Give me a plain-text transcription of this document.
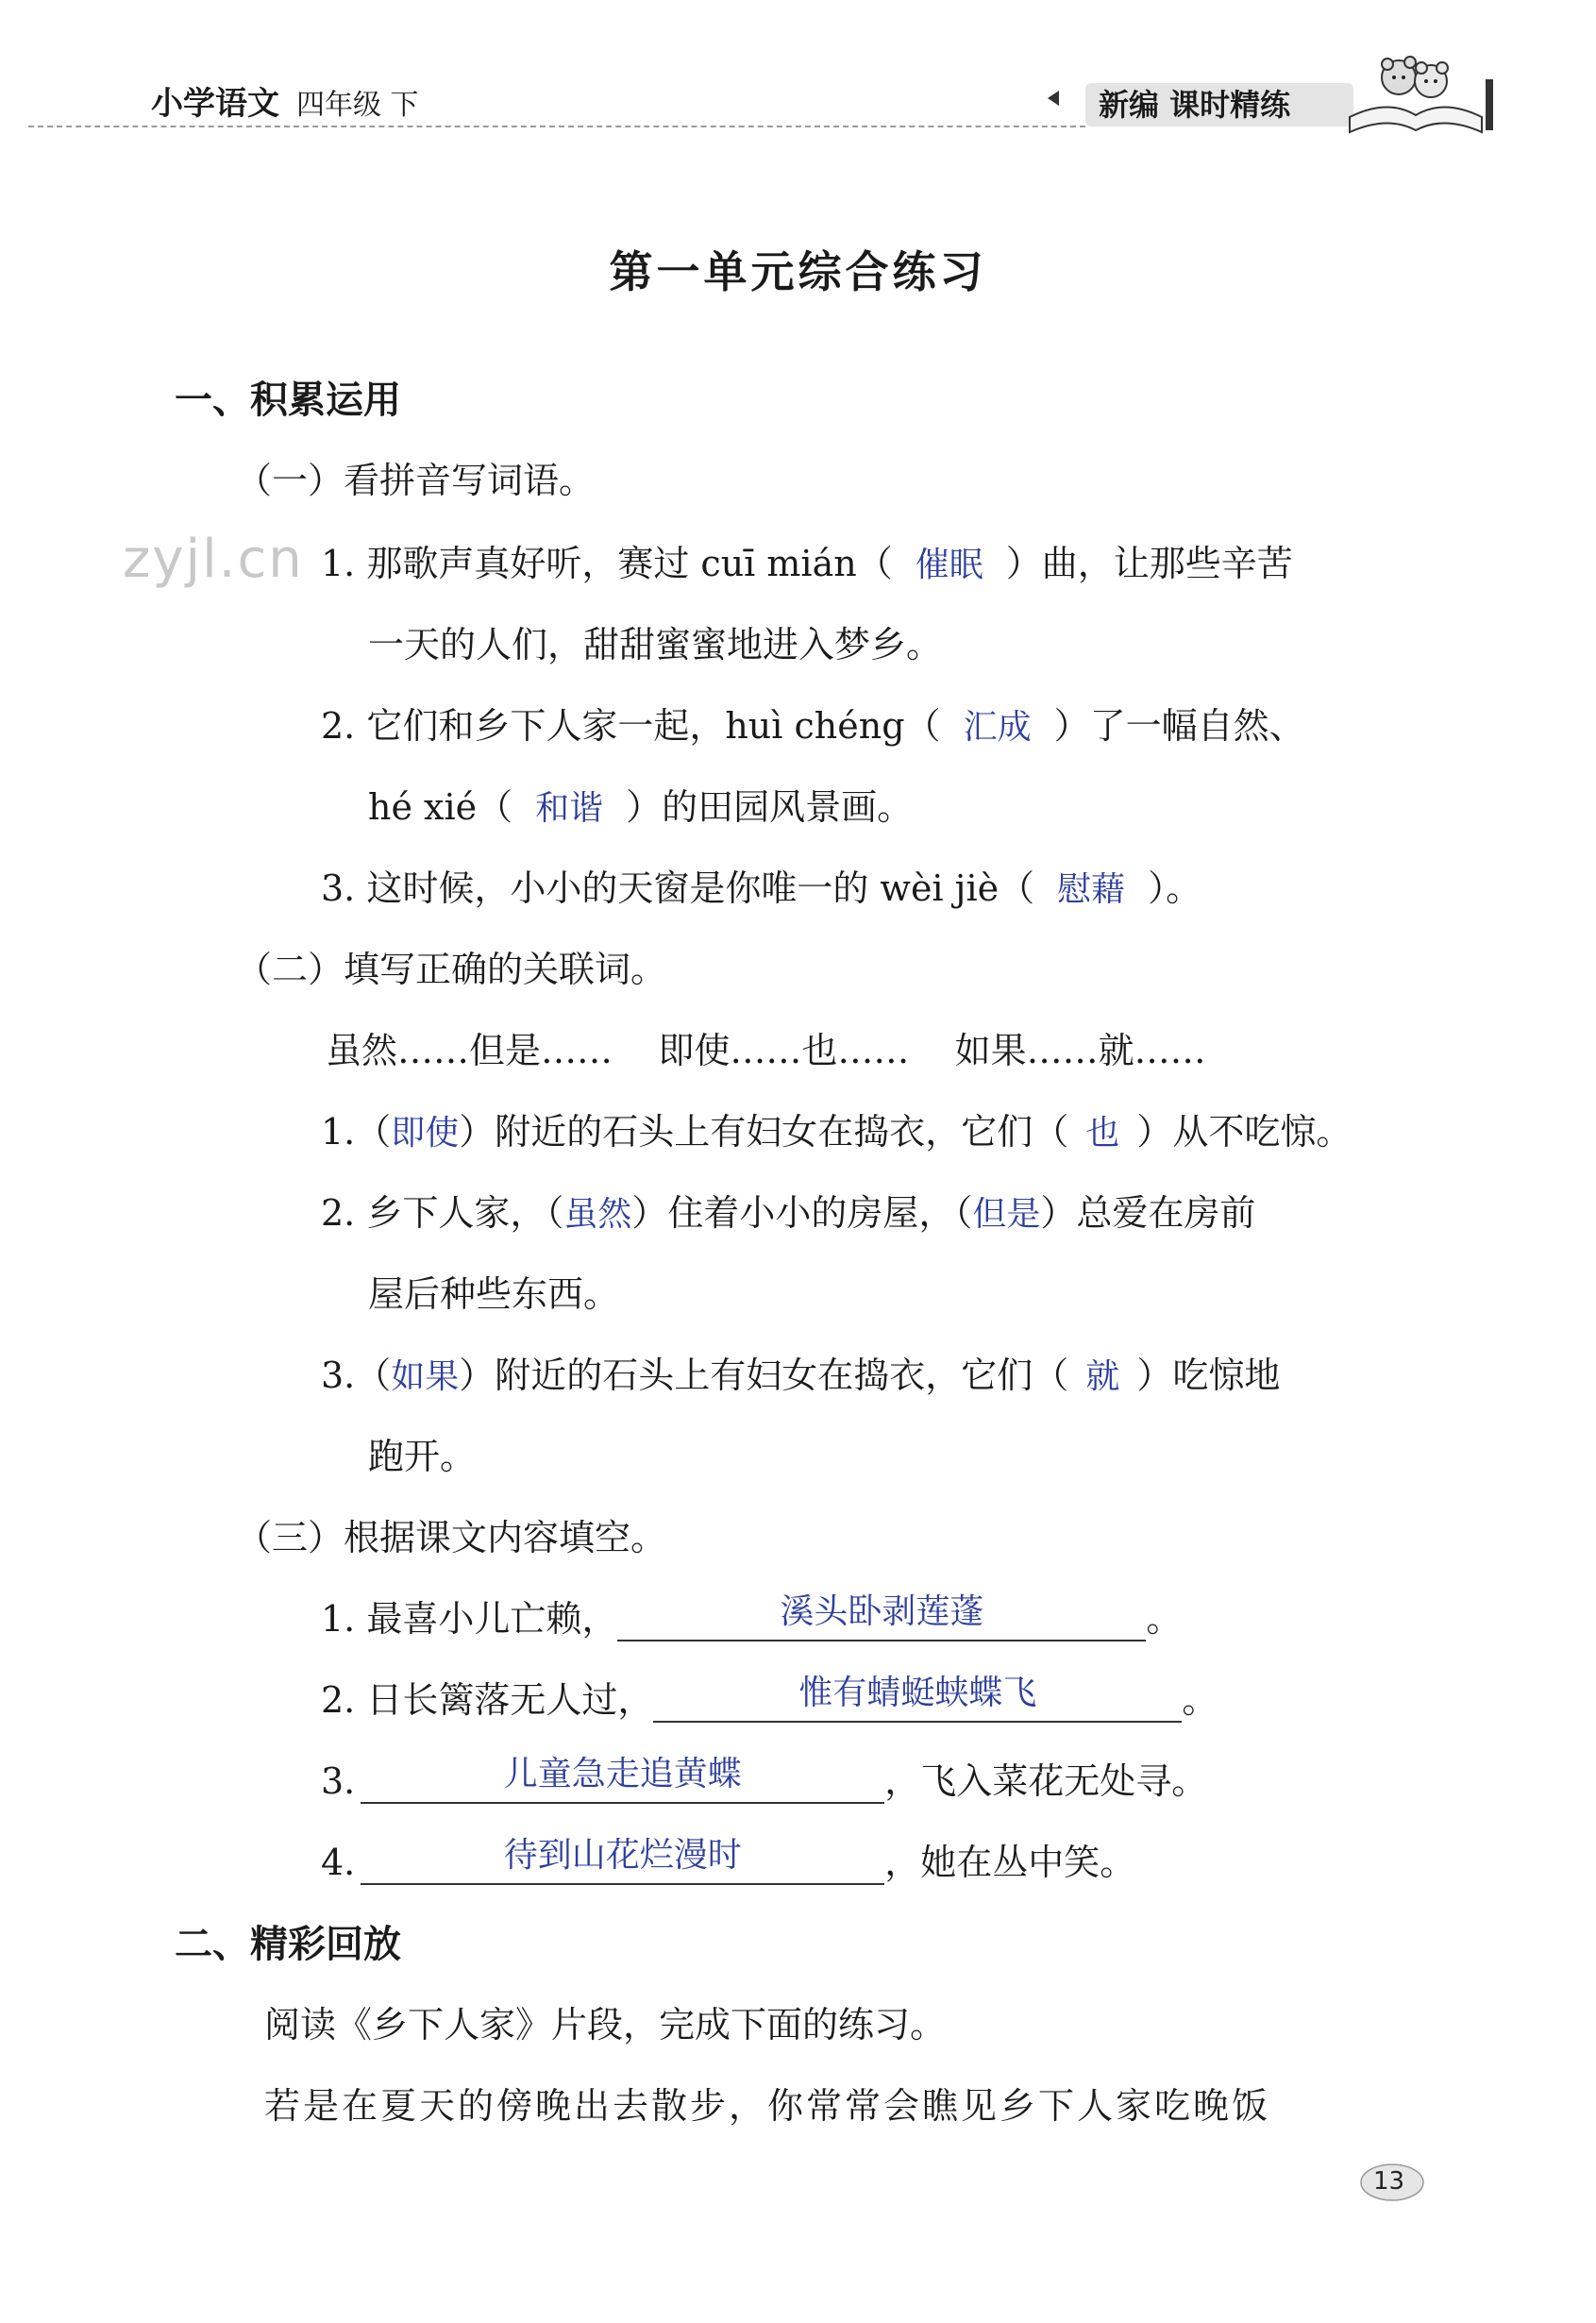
小学语文 四年级 下	新编 课时精练
第一单元综合练习
zyjl.cn
一、积累运用
（一）看拼音写词语。
1. 那歌声真好听，赛过 cuī mián（ 催眠 ）曲，让那些辛苦
一天的人们，甜甜蜜蜜地进入梦乡。
2. 它们和乡下人家一起，huì chéng（ 汇成 ）了一幅自然、
hé xié（ 和谐 ）的田园风景画。
3. 这时候，小小的天窗是你唯一的 wèi jiè（ 慰藉 ）。
（二）填写正确的关联词。
虽然……但是……    即使……也……    如果……就……
1.（即使）附近的石头上有妇女在捣衣，它们（ 也 ）从不吃惊。
2. 乡下人家，（虽然）住着小小的房屋，（但是）总爱在房前
屋后种些东西。
3.（如果）附近的石头上有妇女在捣衣，它们（ 就 ）吃惊地
跑开。
（三）根据课文内容填空。
1. 最喜小儿亡赖，	溪头卧剥莲蓬	。
2. 日长篱落无人过，	惟有蜻蜓蛱蝶飞	。
3.	儿童急走追黄蝶	，飞入菜花无处寻。
4.	待到山花烂漫时	，她在丛中笑。
二、精彩回放
阅读《乡下人家》片段，完成下面的练习。
若是在夏天的傍晚出去散步，你常常会瞧见乡下人家吃晚饭
13
